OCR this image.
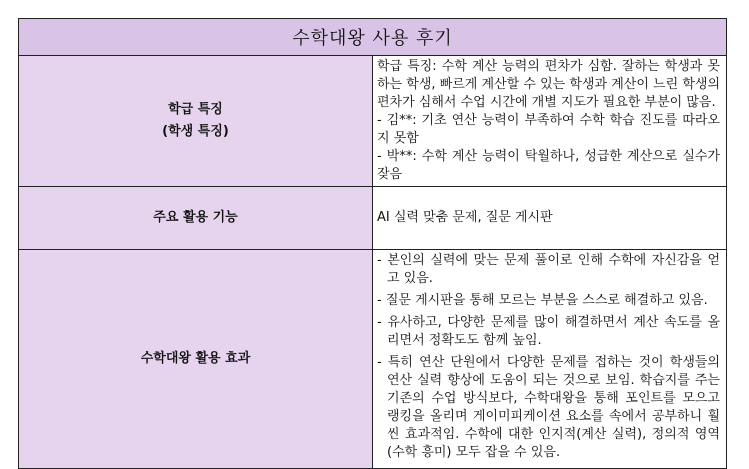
수학대왕 사용 후기	

학급 특징
(학생 특징)	학급 특징: 수학 계산 능력의 편차가 심함. 잘하는 학생과 못하는 학생, 빠르게 계산할 수 있는 학생과 계산이 느린 학생의 편차가 심해서 수업 시간에 개별 지도가 필요한 부분이 많음.
- 김**: 기초 연산 능력이 부족하여 수학 학습 진도를 따라오지 못함
- 박**: 수학 계산 능력이 탁월하나, 성급한 계산으로 실수가 잦음

주요 활용 기능	AI 실력 맞춤 문제, 질문 게시판
수학대왕 활용 효과	- 본인의 실력에 맞는 문제 풀이로 인해 수학에 자신감을 얻고 있음.
- 질문 게시판을 통해 모르는 부분을 스스로 해결하고 있음.
- 유사하고, 다양한 문제를 많이 해결하면서 계산 속도를 올리면서 정확도도 함께 높임.
- 특히 연산 단원에서 다양한 문제를 접하는 것이 학생들의 연산 실력 향상에 도움이 되는 것으로 보임. 학습지를 주는 기존의 수업 방식보다, 수학대왕을 통해 포인트를 모으고 랭킹을 올리며 게이미피케이션 요소를 속에서 공부하니 훨씬 효과적임. 수학에 대한 인지적(계산 실력), 정의적 영역(수학 흥미) 모두 잡을 수 있음.
